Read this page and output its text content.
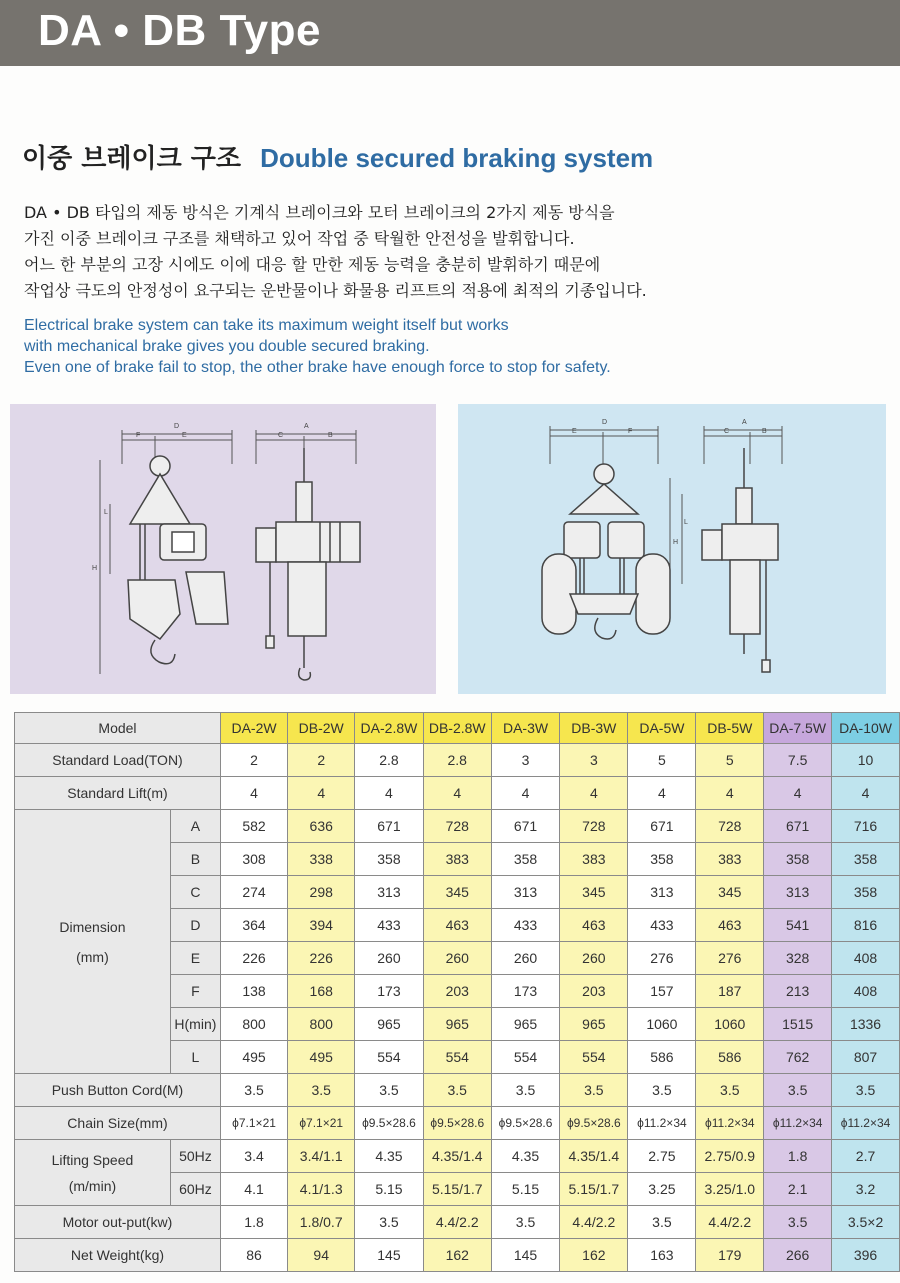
DA • DB Type
이중 브레이크 구조 Double secured braking system
DA • DB 타입의 제동 방식은 기계식 브레이크와 모터 브레이크의 2가지 제동 방식을
가진 이중 브레이크 구조를 채택하고 있어 작업 중 탁월한 안전성을 발휘합니다.
어느 한 부분의 고장 시에도 이에 대응 할 만한 제동 능력을 충분히 발휘하기 때문에
작업상 극도의 안정성이 요구되는 운반물이나 화물용 리프트의 적용에 최적의 기종입니다.
Electrical brake system can take its maximum weight itself but works
with mechanical brake gives you double secured braking.
Even one of brake fail to stop, the other brake have enough force to stop for safety.
D
F	E
A
C	B
H
L
D
E	F
A
C	B
H
L
Model		DA-2W	DB-2W	DA-2.8W	DB-2.8W	DA-3W	DB-3W	DA-5W	DB-5W	DA-7.5W	DA-10W
Standard Load(TON)		2	2	2.8	2.8	3	3	5	5	7.5	10
Standard Lift(m)		4	4	4	4	4	4	4	4	4	4

Dimension
(mm)	A	582	636	671	728	671	728	671	728	671	716
	B	308	338	358	383	358	383	358	383	358	358
	C	274	298	313	345	313	345	313	345	313	358
	D	364	394	433	463	433	463	433	463	541	816
	E	226	226	260	260	260	260	276	276	328	408
	F	138	168	173	203	173	203	157	187	213	408
	H(min)	800	800	965	965	965	965	1060	1060	1515	1336
	L	495	495	554	554	554	554	586	586	762	807
Push Button Cord(M)		3.5	3.5	3.5	3.5	3.5	3.5	3.5	3.5	3.5	3.5
Chain Size(mm)		ϕ7.1×21	ϕ7.1×21	ϕ9.5×28.6	ϕ9.5×28.6	ϕ9.5×28.6	ϕ9.5×28.6	ϕ11.2×34	ϕ11.2×34	ϕ11.2×34	ϕ11.2×34

Lifting Speed
(m/min)	50Hz	3.4	3.4/1.1	4.35	4.35/1.4	4.35	4.35/1.4	2.75	2.75/0.9	1.8	2.7
	60Hz	4.1	4.1/1.3	5.15	5.15/1.7	5.15	5.15/1.7	3.25	3.25/1.0	2.1	3.2
Motor out-put(kw)		1.8	1.8/0.7	3.5	4.4/2.2	3.5	4.4/2.2	3.5	4.4/2.2	3.5	3.5×2
Net Weight(kg)		86	94	145	162	145	162	163	179	266	396
